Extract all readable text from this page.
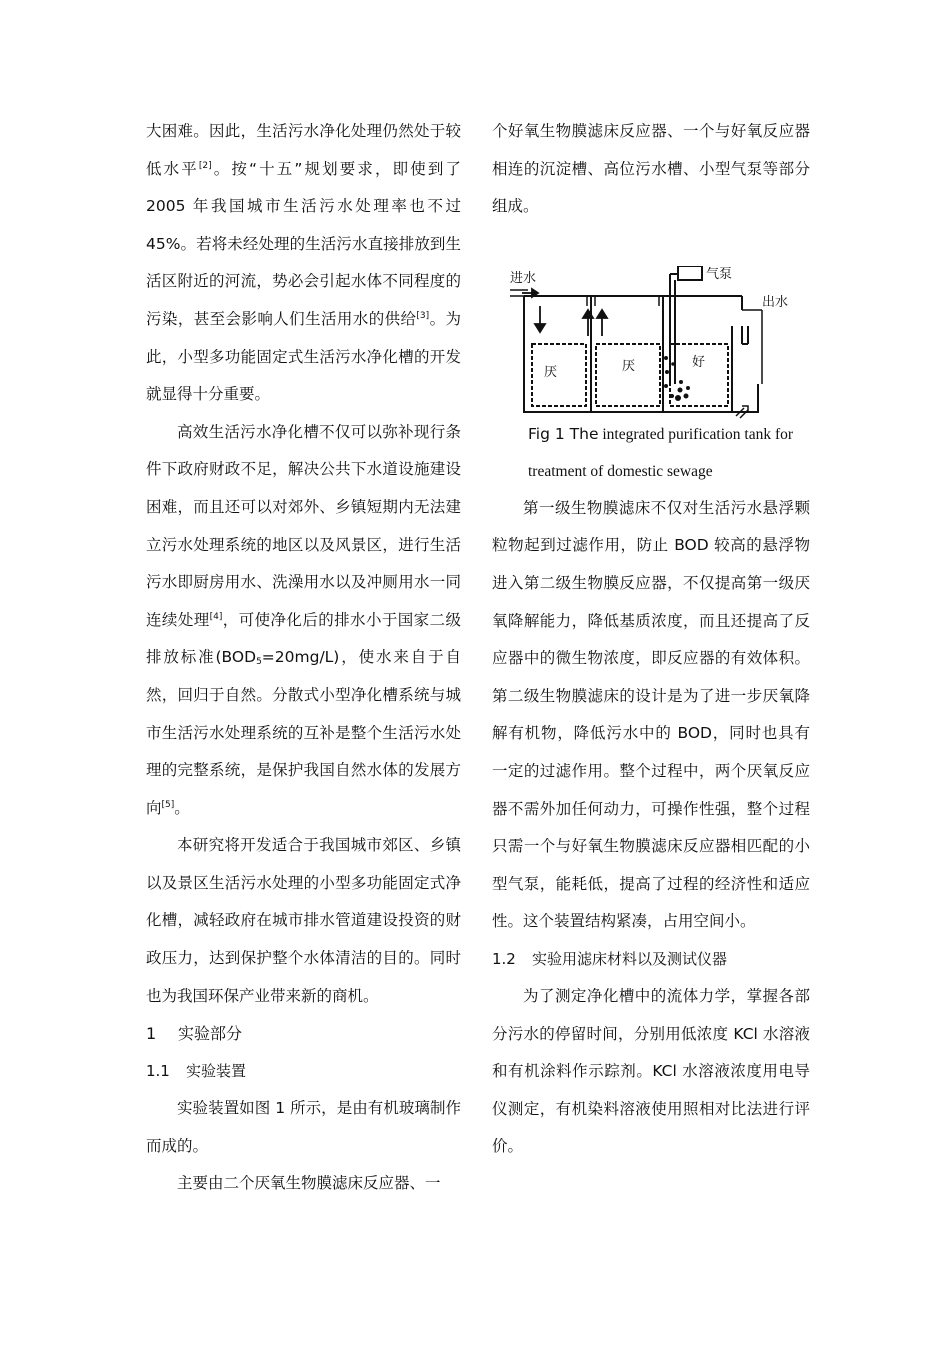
大困难。因此，生活污水净化处理仍然处于较低水平[2]。按“十五”规划要求，即使到了 2005 年我国城市生活污水处理率也不过45%。若将未经处理的生活污水直接排放到生活区附近的河流，势必会引起水体不同程度的污染，甚至会影响人们生活用水的供给[3]。为此，小型多功能固定式生活污水净化槽的开发就显得十分重要。

高效生活污水净化槽不仅可以弥补现行条件下政府财政不足，解决公共下水道设施建设困难，而且还可以对郊外、乡镇短期内无法建立污水处理系统的地区以及风景区，进行生活污水即厨房用水、洗澡用水以及冲厕用水一同连续处理[4]，可使净化后的排水小于国家二级排放标准$(BOD_5=20mg/L)$，使水来自于自然，回归于自然。分散式小型净化槽系统与城市生活污水处理系统的互补是整个生活污水处理的完整系统，是保护我国自然水体的发展方向[5]。

本研究将开发适合于我国城市郊区、乡镇以及景区生活污水处理的小型多功能固定式净化槽，减轻政府在城市排水管道建设投资的财政压力，达到保护整个水体清洁的目的。同时也为我国环保产业带来新的商机。

1 实验部分

1.1 实验装置

实验装置如图 1 所示，是由有机玻璃制作而成的。

主要由二个厌氧生物膜滤床反应器、一

个好氧生物膜滤床反应器、一个与好氧反应器相连的沉淀槽、高位污水槽、小型气泵等部分组成。

气泵
进水
出水
厌	厌	好

Fig 1 The integrated purification tank for
treatment of domestic sewage

第一级生物膜滤床不仅对生活污水悬浮颗粒物起到过滤作用，防止 BOD 较高的悬浮物进入第二级生物膜反应器，不仅提高第一级厌氧降解能力，降低基质浓度，而且还提高了反应器中的微生物浓度，即反应器的有效体积。第二级生物膜滤床的设计是为了进一步厌氧降解有机物，降低污水中的 BOD，同时也具有一定的过滤作用。整个过程中，两个厌氧反应器不需外加任何动力，可操作性强，整个过程只需一个与好氧生物膜滤床反应器相匹配的小型气泵，能耗低，提高了过程的经济性和适应性。这个装置结构紧凑，占用空间小。

1.2 实验用滤床材料以及测试仪器

为了测定净化槽中的流体力学，掌握各部分污水的停留时间，分别用低浓度 KCl 水溶液和有机涂料作示踪剂。KCl 水溶液浓度用电导仪测定，有机染料溶液使用照相对比法进行评价。
